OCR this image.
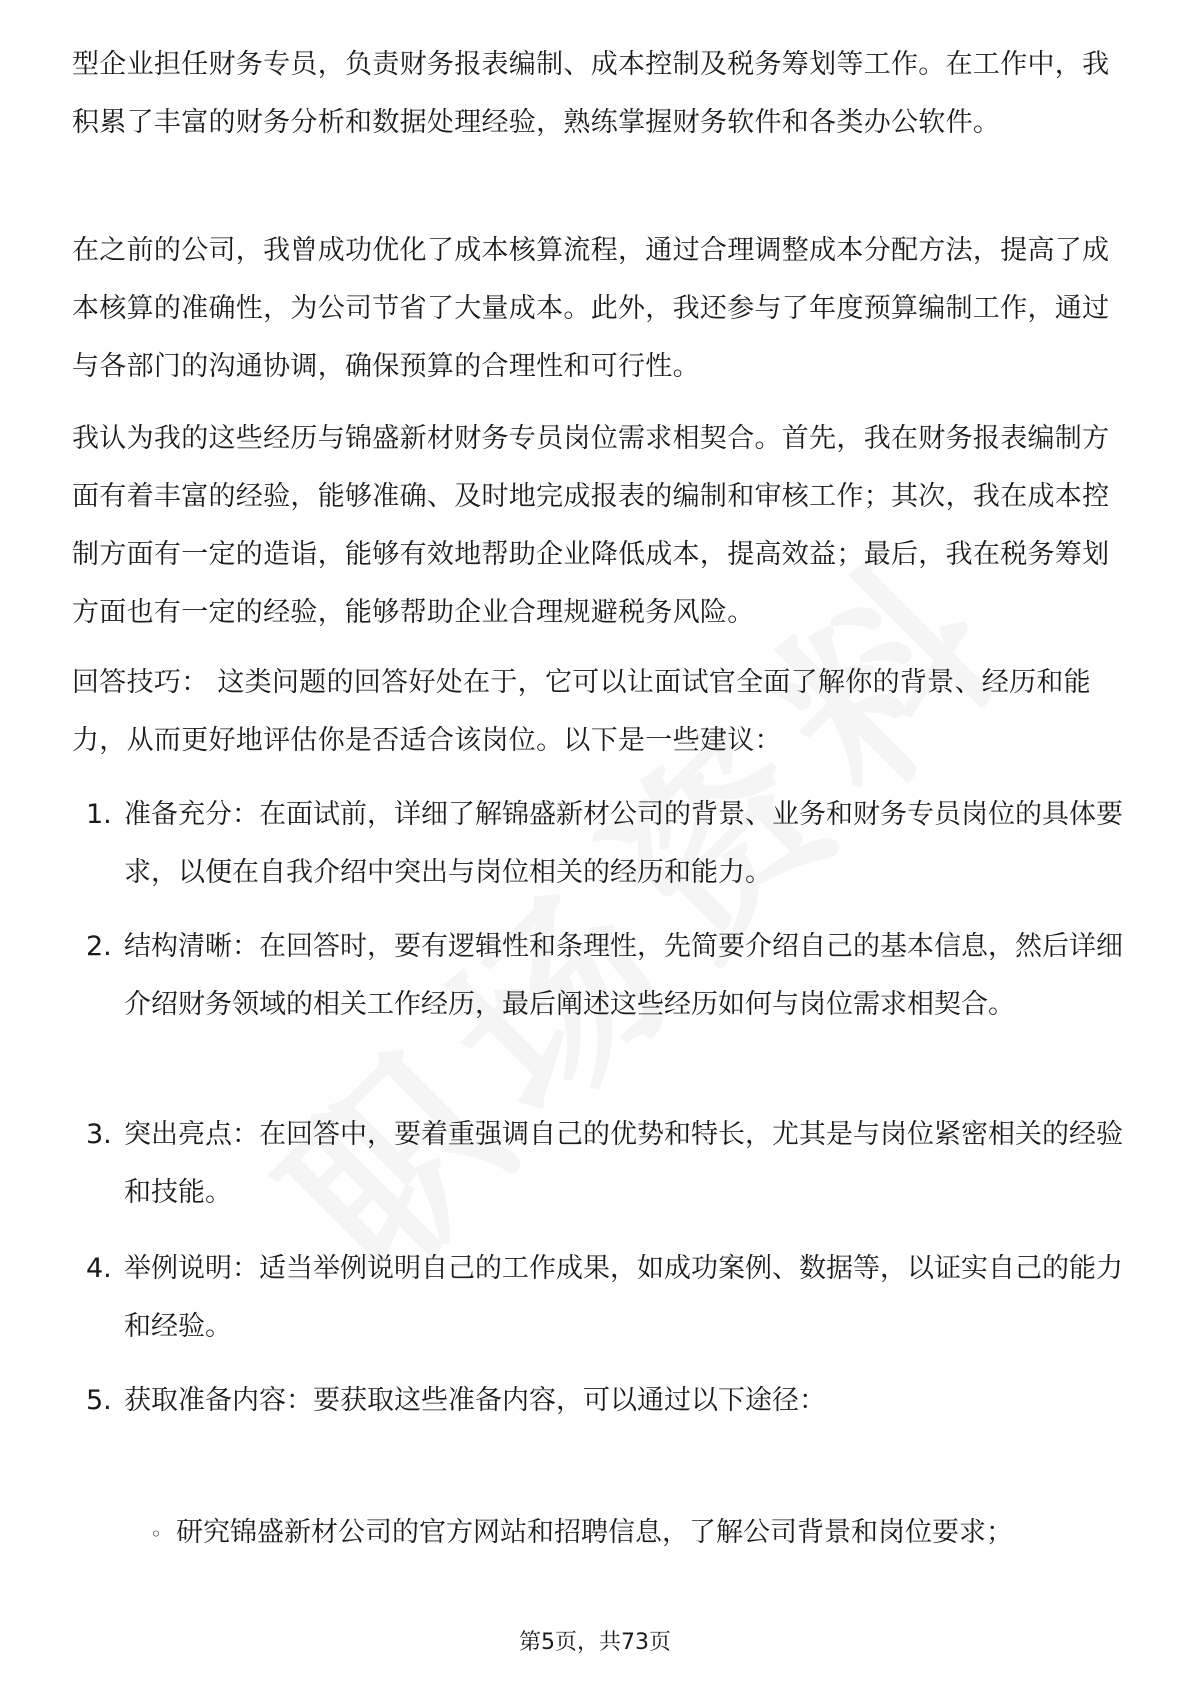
型企业担任财务专员，负责财务报表编制、成本控制及税务筹划等工作。在工作中，我积累了丰富的财务分析和数据处理经验，熟练掌握财务软件和各类办公软件。
在之前的公司，我曾成功优化了成本核算流程，通过合理调整成本分配方法，提高了成本核算的准确性，为公司节省了大量成本。此外，我还参与了年度预算编制工作，通过与各部门的沟通协调，确保预算的合理性和可行性。
我认为我的这些经历与锦盛新材财务专员岗位需求相契合。首先，我在财务报表编制方面有着丰富的经验，能够准确、及时地完成报表的编制和审核工作；其次，我在成本控制方面有一定的造诣，能够有效地帮助企业降低成本，提高效益；最后，我在税务筹划方面也有一定的经验，能够帮助企业合理规避税务风险。
回答技巧： 这类问题的回答好处在于，它可以让面试官全面了解你的背景、经历和能力，从而更好地评估你是否适合该岗位。以下是一些建议：
1. 准备充分：在面试前，详细了解锦盛新材公司的背景、业务和财务专员岗位的具体要求，以便在自我介绍中突出与岗位相关的经历和能力。
2. 结构清晰：在回答时，要有逻辑性和条理性，先简要介绍自己的基本信息，然后详细介绍财务领域的相关工作经历，最后阐述这些经历如何与岗位需求相契合。
3. 突出亮点：在回答中，要着重强调自己的优势和特长，尤其是与岗位紧密相关的经验和技能。
4. 举例说明：适当举例说明自己的工作成果，如成功案例、数据等，以证实自己的能力和经验。
5. 获取准备内容：要获取这些准备内容，可以通过以下途径：
◦ 研究锦盛新材公司的官方网站和招聘信息，了解公司背景和岗位要求；
第5页，共73页
